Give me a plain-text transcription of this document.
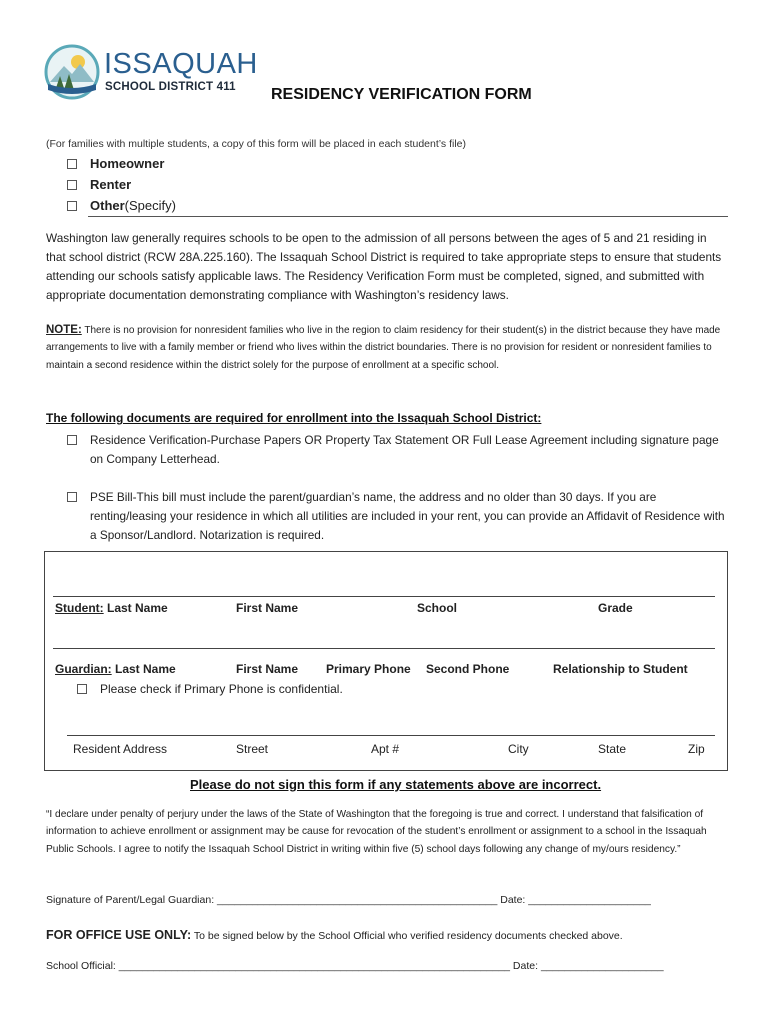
ISSAQUAH
SCHOOL DISTRICT 411 RESIDENCY VERIFICATION FORM
(For families with multiple students, a copy of this form will be placed in each student’s file)
Homeowner
Renter
Other (Specify)
Washington law generally requires schools to be open to the admission of all persons between the ages of 5 and 21 residing in that school district (RCW 28A.225.160). The Issaquah School District is required to take appropriate steps to ensure that students attending our schools satisfy applicable laws. The Residency Verification Form must be completed, signed, and submitted with appropriate documentation demonstrating compliance with Washington’s residency laws.
NOTE: There is no provision for nonresident families who live in the region to claim residency for their student(s) in the district because they have made arrangements to live with a family member or friend who lives within the district boundaries. There is no provision for resident or nonresident families to maintain a second residence within the district solely for the purpose of enrollment at a specific school.
The following documents are required for enrollment into the Issaquah School District:
Residence Verification-Purchase Papers OR Property Tax Statement OR Full Lease Agreement including signature page on Company Letterhead.
PSE Bill-This bill must include the parent/guardian’s name, the address and no older than 30 days. If you are renting/leasing your residence in which all utilities are included in your rent, you can provide an Affidavit of Residence with a Sponsor/Landlord. Notarization is required.
Student: Last Name	First Name	School	Grade
Guardian: Last Name	First Name Primary Phone Second Phone	Relationship to Student
Please check if Primary Phone is confidential.
Resident Address	Street	Apt #	City	State	Zip
Please do not sign this form if any statements above are incorrect.
“I declare under penalty of perjury under the laws of the State of Washington that the foregoing is true and correct. I understand that falsification of information to achieve enrollment or assignment may be cause for revocation of the student’s enrollment or assignment to a school in the Issaquah Public Schools. I agree to notify the Issaquah School District in writing within five (5) school days following any change of my/ours residency.”
Signature of Parent/Legal Guardian: ________________________________________________ Date: _____________________
FOR OFFICE USE ONLY: To be signed below by the School Official who verified residency documents checked above.
School Official: ___________________________________________________________________ Date: _____________________
